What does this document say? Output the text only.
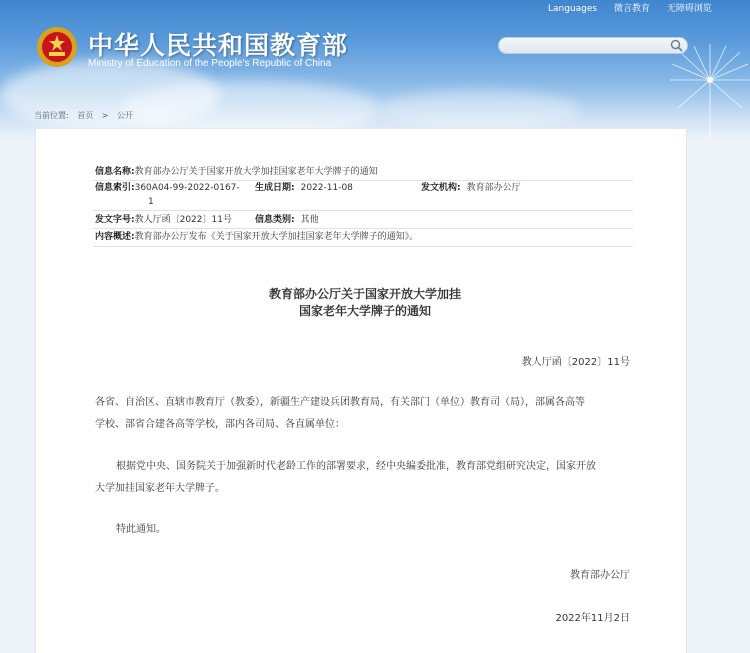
中华人民共和国教育部
Ministry of Education of the People's Republic of China
Languages 微言教育 无障碍浏览
当前位置: 首页 > 公开
信息名称:教育部办公厅关于国家开放大学加挂国家老年大学牌子的通知
信息索引:360A04-99-2022-0167-
1
生成日期: 2022-11-08	发文机构: 教育部办公厅
发文字号:教人厅函〔2022〕11号	信息类别: 其他
内容概述:教育部办公厅发布《关于国家开放大学加挂国家老年大学牌子的通知》。
教育部办公厅关于国家开放大学加挂
国家老年大学牌子的通知
教人厅函〔2022〕11号
各省、自治区、直辖市教育厅（教委），新疆生产建设兵团教育局，有关部门（单位）教育司（局），部属各高等
学校、部省合建各高等学校，部内各司局、各直属单位：
根据党中央、国务院关于加强新时代老龄工作的部署要求，经中央编委批准，教育部党组研究决定，国家开放
大学加挂国家老年大学牌子。
特此通知。
教育部办公厅
2022年11月2日
